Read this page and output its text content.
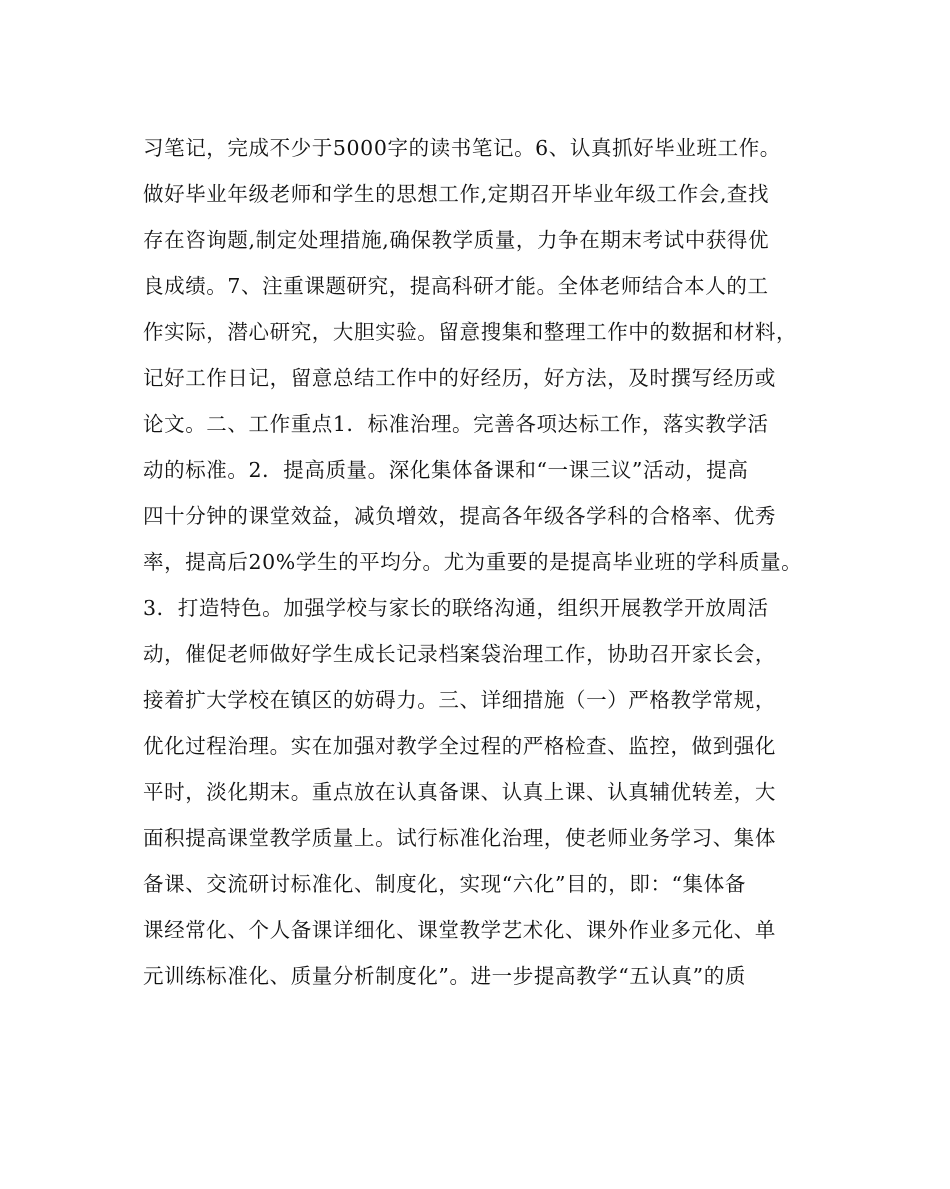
习笔记，完成不少于5000字的读书笔记。6、认真抓好毕业班工作。
做好毕业年级老师和学生的思想工作,定期召开毕业年级工作会,查找
存在咨询题,制定处理措施,确保教学质量，力争在期末考试中获得优
良成绩。7、注重课题研究，提高科研才能。全体老师结合本人的工
作实际，潜心研究，大胆实验。留意搜集和整理工作中的数据和材料，
记好工作日记，留意总结工作中的好经历，好方法，及时撰写经历或
论文。二、工作重点1．标准治理。完善各项达标工作，落实教学活
动的标准。2．提高质量。深化集体备课和“一课三议”活动，提高
四十分钟的课堂效益，减负增效，提高各年级各学科的合格率、优秀
率，提高后20%学生的平均分。尤为重要的是提高毕业班的学科质量。
3．打造特色。加强学校与家长的联络沟通，组织开展教学开放周活
动，催促老师做好学生成长记录档案袋治理工作，协助召开家长会，
接着扩大学校在镇区的妨碍力。三、详细措施（一）严格教学常规，
优化过程治理。实在加强对教学全过程的严格检查、监控，做到强化
平时，淡化期末。重点放在认真备课、认真上课、认真辅优转差，大
面积提高课堂教学质量上。试行标准化治理，使老师业务学习、集体
备课、交流研讨标准化、制度化，实现“六化”目的，即：“集体备
课经常化、个人备课详细化、课堂教学艺术化、课外作业多元化、单
元训练标准化、质量分析制度化”。进一步提高教学“五认真”的质
